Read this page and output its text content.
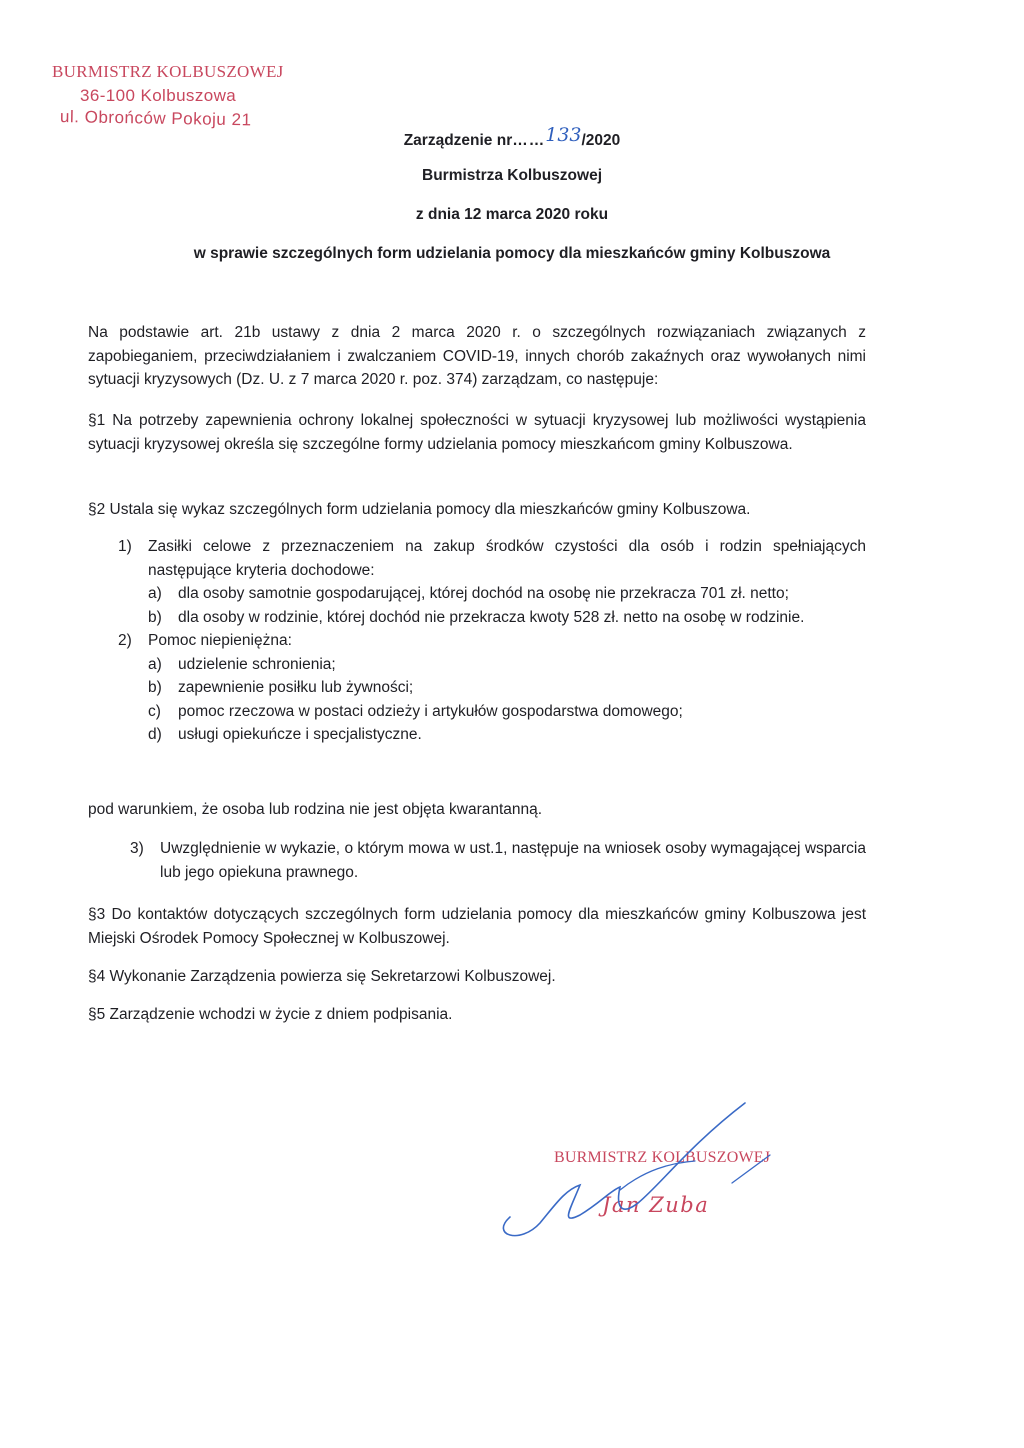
BURMISTRZ KOLBUSZOWEJ
36-100 Kolbuszowa
ul. Obrońców Pokoju 21
Zarządzenie nr……133/2020
Burmistrza Kolbuszowej
z dnia 12 marca 2020 roku
w sprawie szczególnych form udzielania pomocy dla mieszkańców gminy Kolbuszowa
Na podstawie art. 21b ustawy z dnia 2 marca 2020 r. o szczególnych rozwiązaniach związanych z zapobieganiem, przeciwdziałaniem i zwalczaniem COVID-19, innych chorób zakaźnych oraz wywołanych nimi sytuacji kryzysowych (Dz. U. z 7 marca 2020 r. poz. 374) zarządzam, co następuje:
§1 Na potrzeby zapewnienia ochrony lokalnej społeczności w sytuacji kryzysowej lub możliwości wystąpienia sytuacji kryzysowej określa się szczególne formy udzielania pomocy mieszkańcom gminy Kolbuszowa.
§2 Ustala się wykaz szczególnych form udzielania pomocy dla mieszkańców gminy Kolbuszowa.
1) Zasiłki celowe z przeznaczeniem na zakup środków czystości dla osób i rodzin spełniających następujące kryteria dochodowe:
a) dla osoby samotnie gospodarującej, której dochód na osobę nie przekracza 701 zł. netto;
b) dla osoby w rodzinie, której dochód nie przekracza kwoty 528 zł. netto na osobę w rodzinie.
2) Pomoc niepieniężna:
a) udzielenie schronienia;
b) zapewnienie posiłku lub żywności;
c) pomoc rzeczowa w postaci odzieży i artykułów gospodarstwa domowego;
d) usługi opiekuńcze i specjalistyczne.
pod warunkiem, że osoba lub rodzina nie jest objęta kwarantanną.
3) Uwzględnienie w wykazie, o którym mowa w ust.1, następuje na wniosek osoby wymagającej wsparcia lub jego opiekuna prawnego.
§3 Do kontaktów dotyczących szczególnych form udzielania pomocy dla mieszkańców gminy Kolbuszowa jest Miejski Ośrodek Pomocy Społecznej w Kolbuszowej.
§4 Wykonanie Zarządzenia powierza się Sekretarzowi Kolbuszowej.
§5 Zarządzenie wchodzi w życie z dniem podpisania.
BURMISTRZ KOLBUSZOWEJ
Jan Zuba
